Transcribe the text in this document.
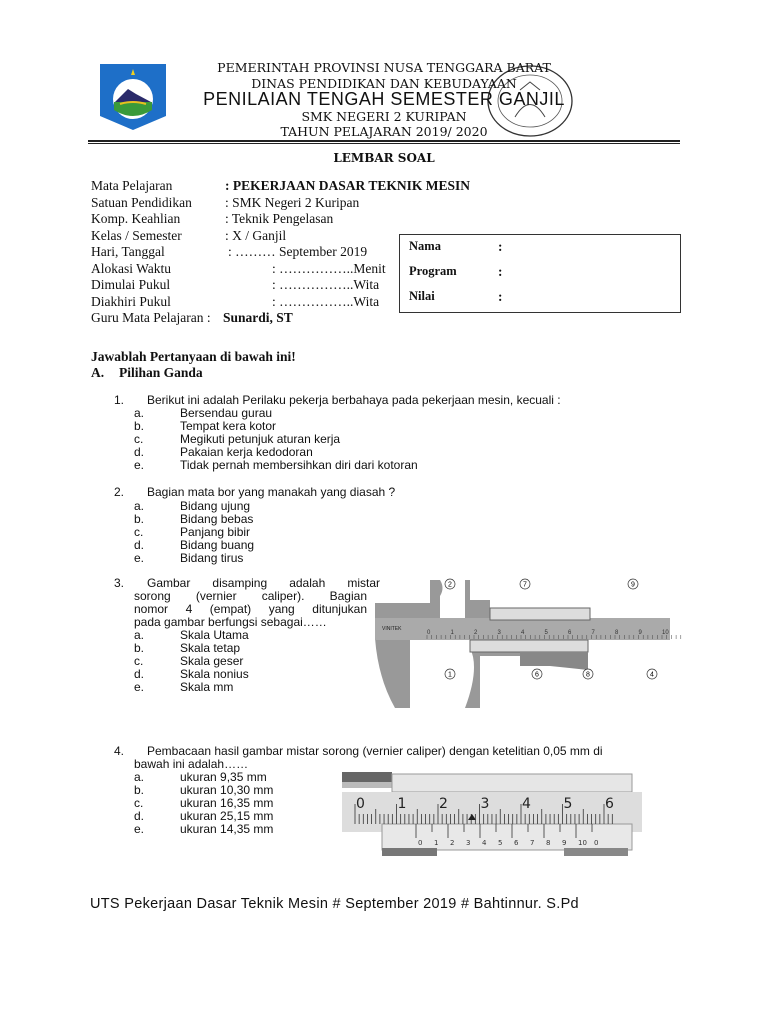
PEMERINTAH PROVINSI NUSA TENGGARA BARAT
DINAS PENDIDIKAN DAN KEBUDAYAAN
PENILAIAN TENGAH SEMESTER GANJIL
SMK NEGERI 2 KURIPAN
TAHUN PELAJARAN 2019/ 2020
LEMBAR SOAL
Jawablah Pertanyaan di bawah ini!
A. Pilihan Ganda
VINITEK
0	1	2	3	4	5	6	7	8	9	10
2	7	9
1	6	8	4
0 1 2 3 4 5 6
0 1 2 3 4 5 6 7 8 9 10 0
UTS Pekerjaan Dasar Teknik Mesin # September 2019 # Bahtinnur. S.Pd
Mata Pelajaran	: PEKERJAAN DASAR TEKNIK MESIN
Satuan Pendidikan : SMK Negeri 2 Kuripan
Komp. Keahlian	: Teknik Pengelasan
Kelas / Semester	: X / Ganjil
Hari, Tanggal	: ……… September 2019
Alokasi Waktu	: ……………..Menit
Dimulai Pukul	: ……………..Wita
Diakhiri Pukul	: ……………..Wita
Guru Mata Pelajaran : Sunardi, ST
Nama	:
Program	:
Nilai	:
1. Berikut ini adalah Perilaku pekerja berbahaya pada pekerjaan mesin, kecuali :
a.	Bersendau gurau
b.	Tempat kera kotor
c.	Megikuti petunjuk aturan kerja
d.	Pakaian kerja kedodoran
e.	Tidak pernah membersihkan diri dari kotoran
2. Bagian mata bor yang manakah yang diasah ?
a.	Bidang ujung
b.	Bidang bebas
c.	Panjang bibir
d.	Bidang buang
e.	Bidang tirus
3. Gambar disamping adalah mistar
sorong (vernier caliper). Bagian
nomor 4 (empat) yang ditunjukan
pada gambar berfungsi sebagai……
a.	Skala Utama
b.	Skala tetap
c.	Skala geser
d.	Skala nonius
e.	Skala mm
4. Pembacaan hasil gambar mistar sorong (vernier caliper) dengan ketelitian 0,05 mm di
bawah ini adalah……
a.	ukuran 9,35 mm
b.	ukuran 10,30 mm
c.	ukuran 16,35 mm
d.	ukuran 25,15 mm
e.	ukuran 14,35 mm
